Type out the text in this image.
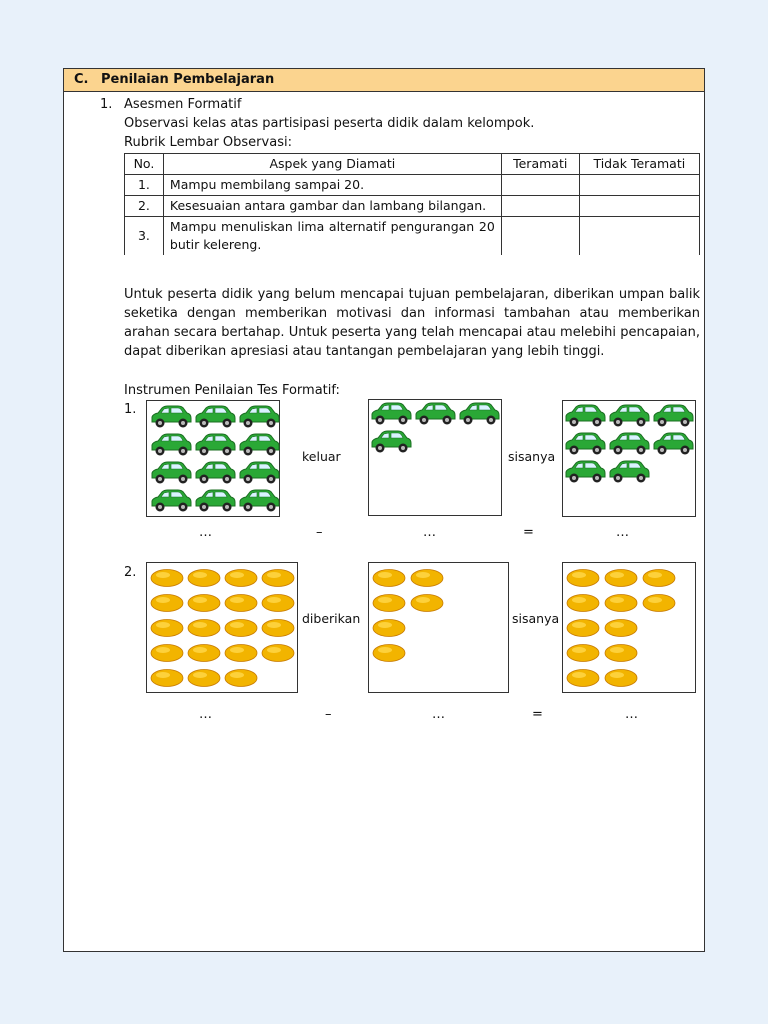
C. Penilaian Pembelajaran
1. Asesmen Formatif
Observasi kelas atas partisipasi peserta didik dalam kelompok.
Rubrik Lembar Observasi:
No.	Aspek yang Diamati	Teramati	Tidak Teramati
1.	Mampu membilang sampai 20.		
2.	Kesesuaian antara gambar dan lambang bilangan.		
3.	Mampu menuliskan lima alternatif pengurangan 20 butir kelereng.		
Untuk peserta didik yang belum mencapai tujuan pembelajaran, diberikan umpan balik seketika dengan memberikan motivasi dan informasi tambahan atau memberikan arahan secara bertahap. Untuk peserta yang telah mencapai atau melebihi pencapaian, dapat diberikan apresiasi atau tantangan pembelajaran yang lebih tinggi.
Instrumen Penilaian Tes Formatif:
1.
keluar	sisanya
…	–	…	=	…
2.
diberikan	sisanya
…	–	…	=	…
